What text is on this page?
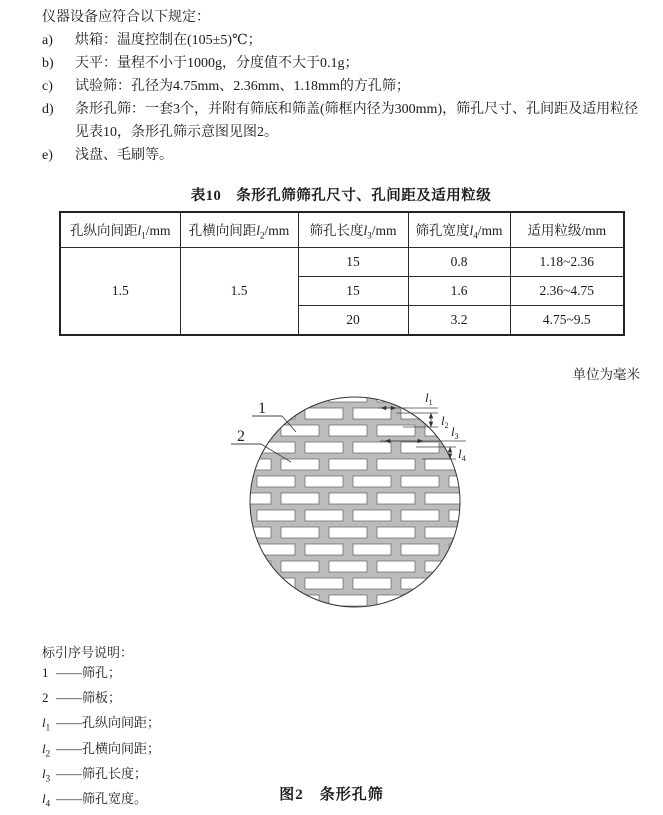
仪器设备应符合以下规定：

a) 烘箱：温度控制在(105±5)℃；
b) 天平：量程不小于1000g，分度值不大于0.1g；
c) 试验筛：孔径为4.75mm、2.36mm、1.18mm的方孔筛；
d) 条形孔筛：一套3个，并附有筛底和筛盖(筛框内径为300mm)，筛孔尺寸、孔间距及适用粒径见表10，条形孔筛示意图见图2。
e) 浅盘、毛刷等。
表10　条形孔筛筛孔尺寸、孔间距及适用粒级
孔纵向间距$l_1/mm$	孔横向间距$l_2/mm$	筛孔长度$l_3/mm$	筛孔宽度$l_4/mm$	适用粒级/mm
1.5	1.5	15	0.8	1.18~2.36
		15	1.6	2.36~4.75
		20	3.2	4.75~9.5
单位为毫米
1
2
$l_1$
$l_2$ $l_3$
$l_4$
标引序号说明：
1 ——筛孔；
2 ——筛板；
$l_1$ ——孔纵向间距；
$l_2$ ——孔横向间距；
$l_3$ ——筛孔长度；
$l_4$ ——筛孔宽度。	图2　条形孔筛
